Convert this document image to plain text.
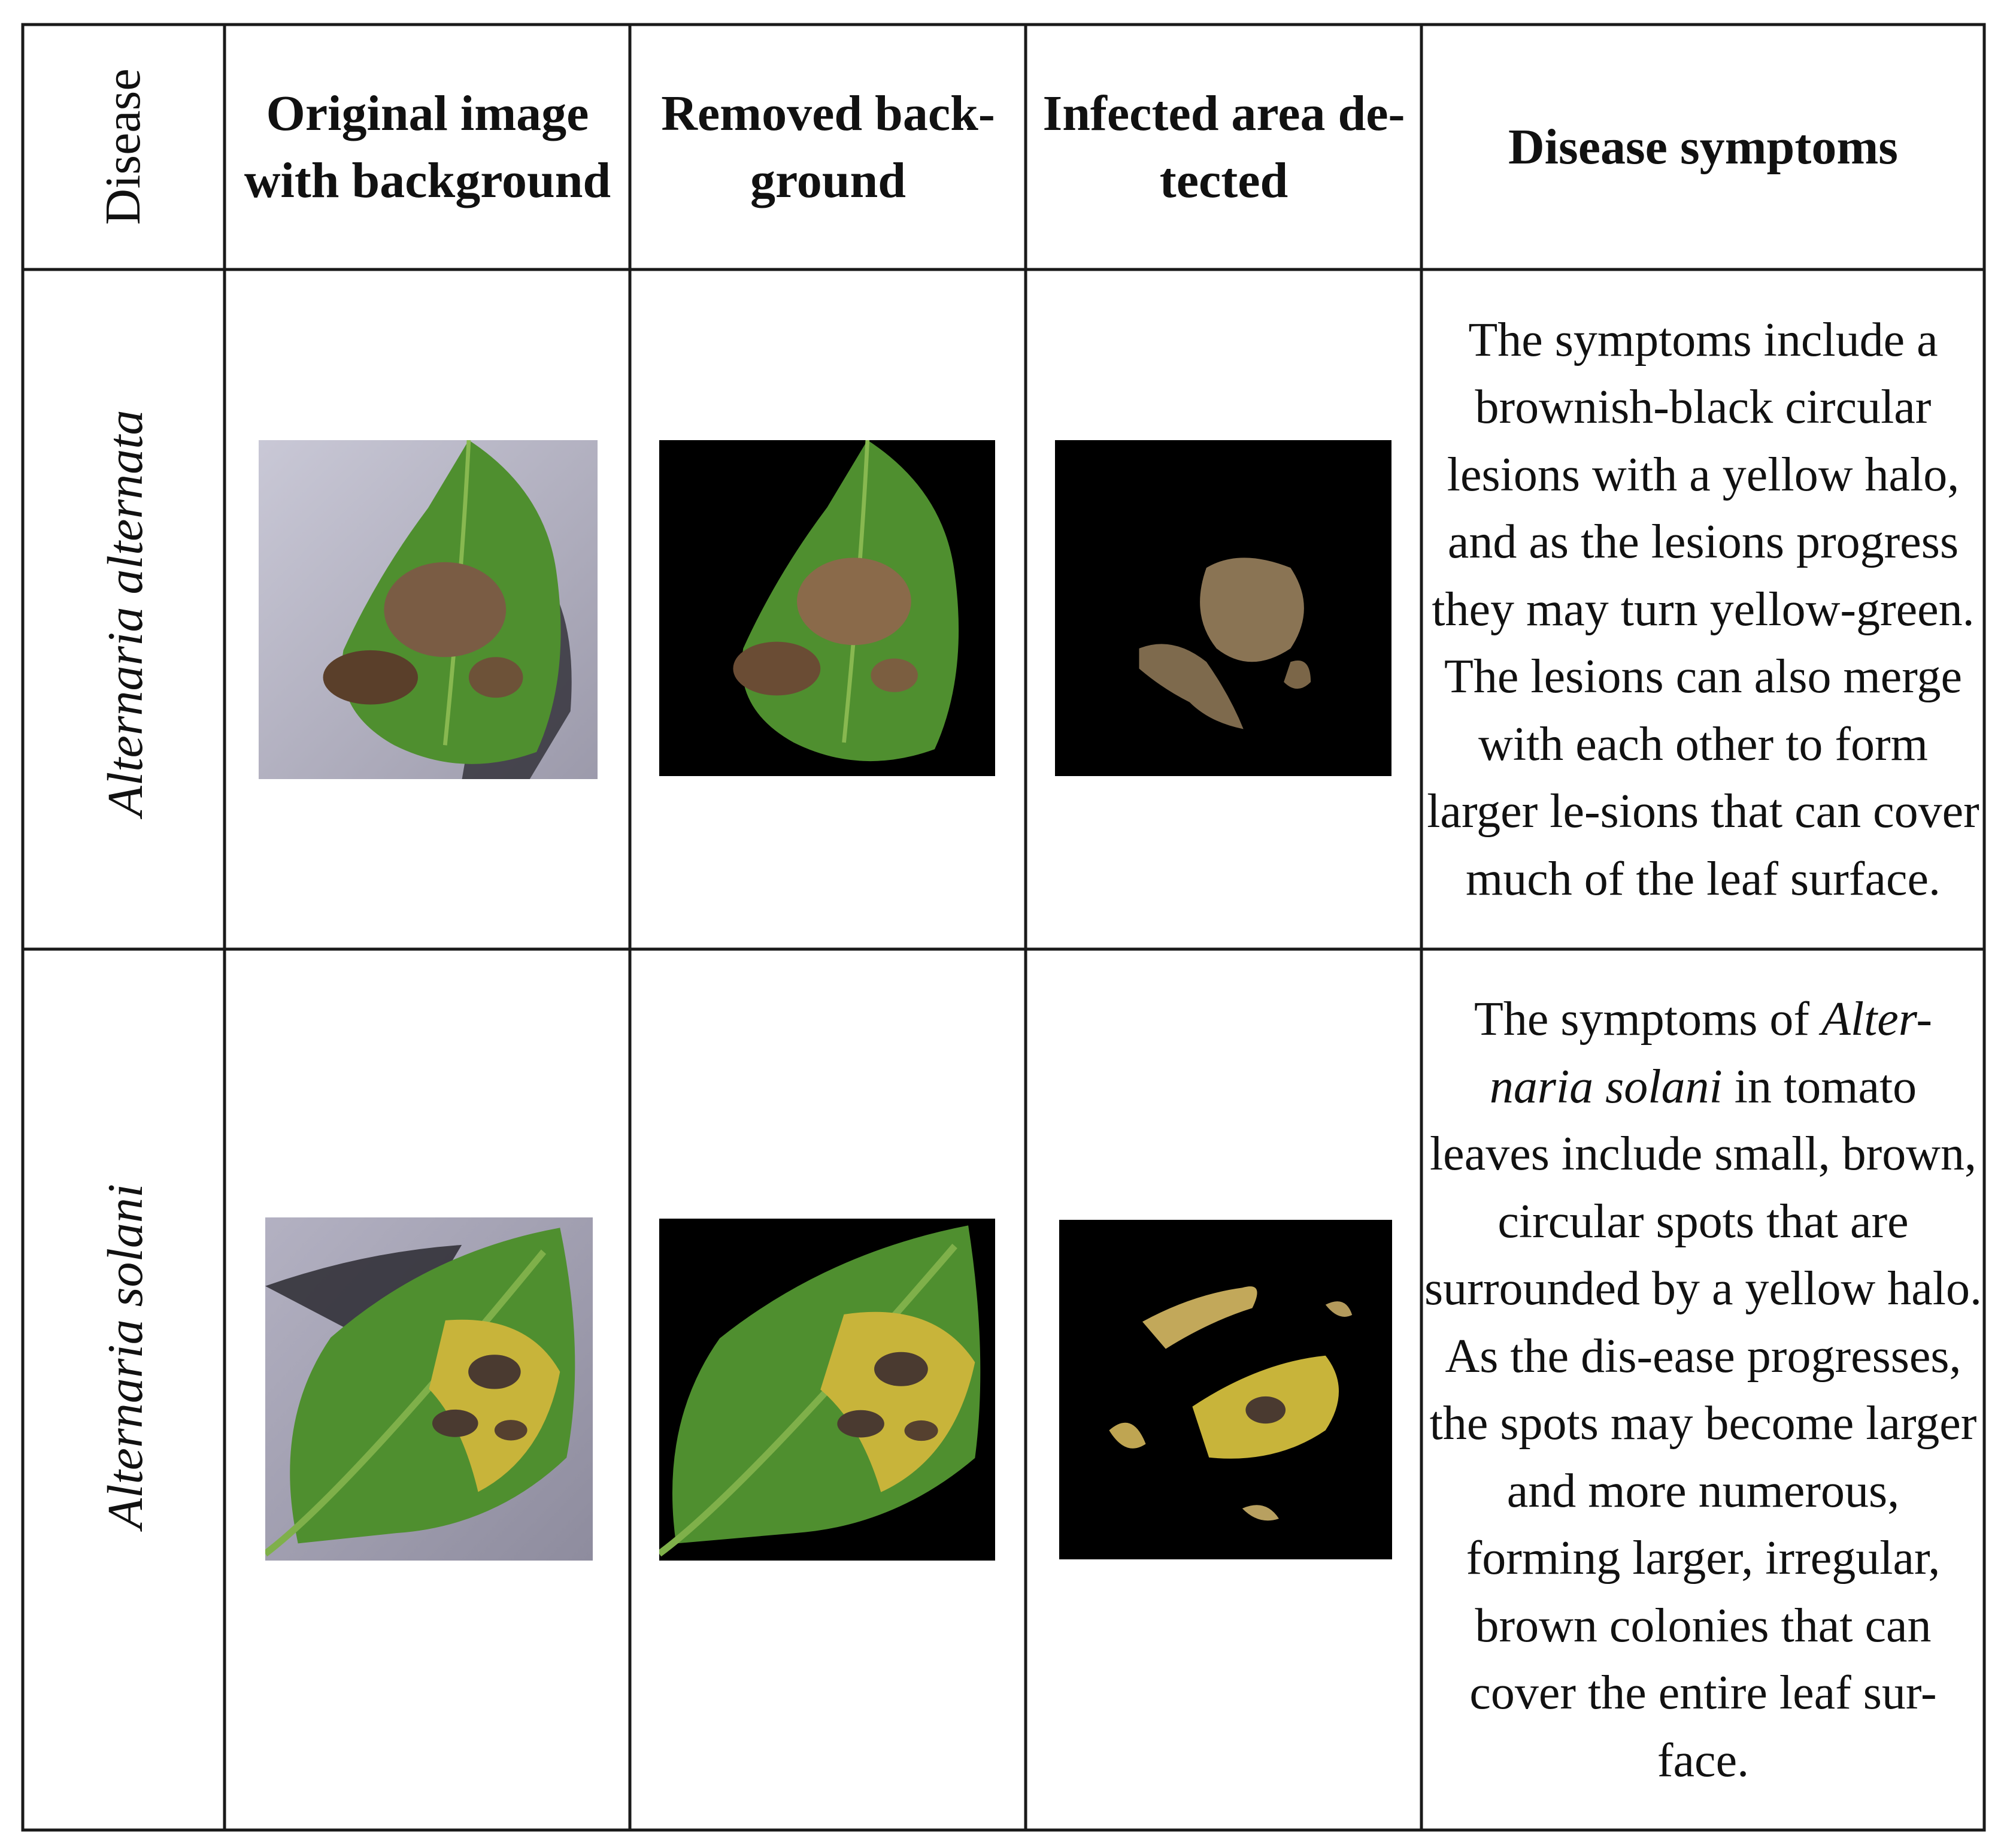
Disease Original image
with background
Removed back-
ground
Infected area de-
tected
Disease symptoms
Alternaria alternata
The symptoms include a brownish-black circular lesions with a yellow halo, and as the lesions progress they may turn yellow-green. The lesions can also merge with each other to form larger le-sions that can cover much of the leaf surface.
Alternaria solani
The symptoms of Alter-naria solani in tomato leaves include small, brown, circular spots that are surrounded by a yellow halo. As the dis-ease progresses, the spots may become larger and more numerous, forming larger, irregular, brown colonies that can cover the entire leaf sur-face.
